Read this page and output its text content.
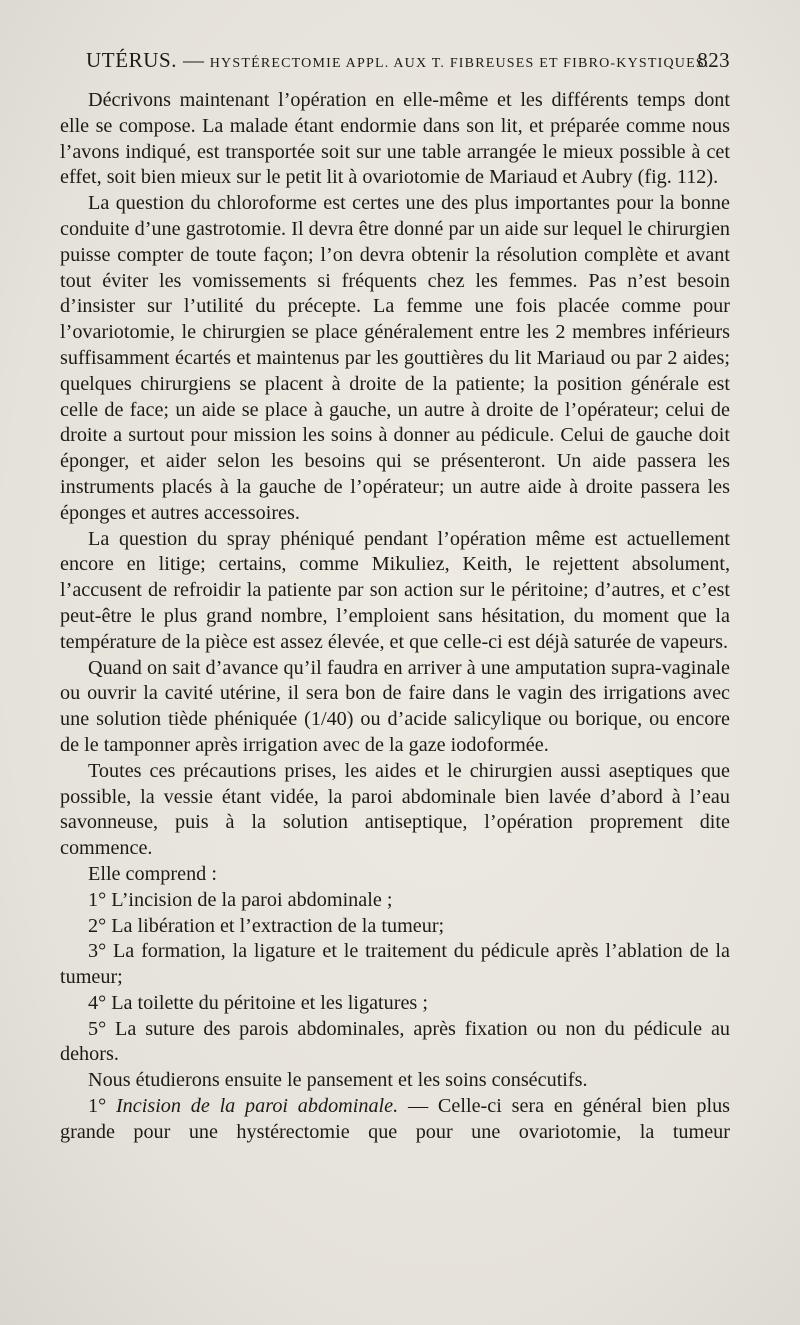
UTÉRUS. — HYSTÉRECTOMIE APPL. AUX T. FIBREUSES ET FIBRO-KYSTIQUES.
823

Décrivons maintenant l’opération en elle-même et les différents temps dont elle se compose. La malade étant endormie dans son lit, et préparée comme nous l’avons indiqué, est transportée soit sur une table arrangée le mieux possible à cet effet, soit bien mieux sur le petit lit à ovariotomie de Mariaud et Aubry (fig. 112).

La question du chloroforme est certes une des plus importantes pour la bonne conduite d’une gastrotomie. Il devra être donné par un aide sur lequel le chirurgien puisse compter de toute façon; l’on devra obtenir la résolution complète et avant tout éviter les vomissements si fréquents chez les femmes. Pas n’est besoin d’insister sur l’utilité du précepte. La femme une fois placée comme pour l’ovariotomie, le chirurgien se place généralement entre les 2 membres inférieurs suffisamment écartés et maintenus par les gouttières du lit Mariaud ou par 2 aides; quelques chirurgiens se placent à droite de la patiente; la position générale est celle de face; un aide se place à gauche, un autre à droite de l’opérateur; celui de droite a surtout pour mission les soins à donner au pédicule. Celui de gauche doit éponger, et aider selon les besoins qui se présenteront. Un aide passera les instruments placés à la gauche de l’opérateur; un autre aide à droite passera les éponges et autres accessoires.

La question du spray phéniqué pendant l’opération même est actuellement encore en litige; certains, comme Mikuliez, Keith, le rejettent absolument, l’accusent de refroidir la patiente par son action sur le péritoine; d’autres, et c’est peut-être le plus grand nombre, l’emploient sans hésitation, du moment que la température de la pièce est assez élevée, et que celle-ci est déjà saturée de vapeurs.

Quand on sait d’avance qu’il faudra en arriver à une amputation supra-vaginale ou ouvrir la cavité utérine, il sera bon de faire dans le vagin des irrigations avec une solution tiède phéniquée (1/40) ou d’acide salicylique ou borique, ou encore de le tamponner après irrigation avec de la gaze iodoformée.

Toutes ces précautions prises, les aides et le chirurgien aussi aseptiques que possible, la vessie étant vidée, la paroi abdominale bien lavée d’abord à l’eau savonneuse, puis à la solution antiseptique, l’opération proprement dite commence.

Elle comprend :

1° L’incision de la paroi abdominale ;

2° La libération et l’extraction de la tumeur;

3° La formation, la ligature et le traitement du pédicule après l’ablation de la tumeur;

4° La toilette du péritoine et les ligatures ;

5° La suture des parois abdominales, après fixation ou non du pédicule au dehors.

Nous étudierons ensuite le pansement et les soins consécutifs.

1° Incision de la paroi abdominale. — Celle-ci sera en général bien plus grande pour une hystérectomie que pour une ovariotomie, la tumeur
